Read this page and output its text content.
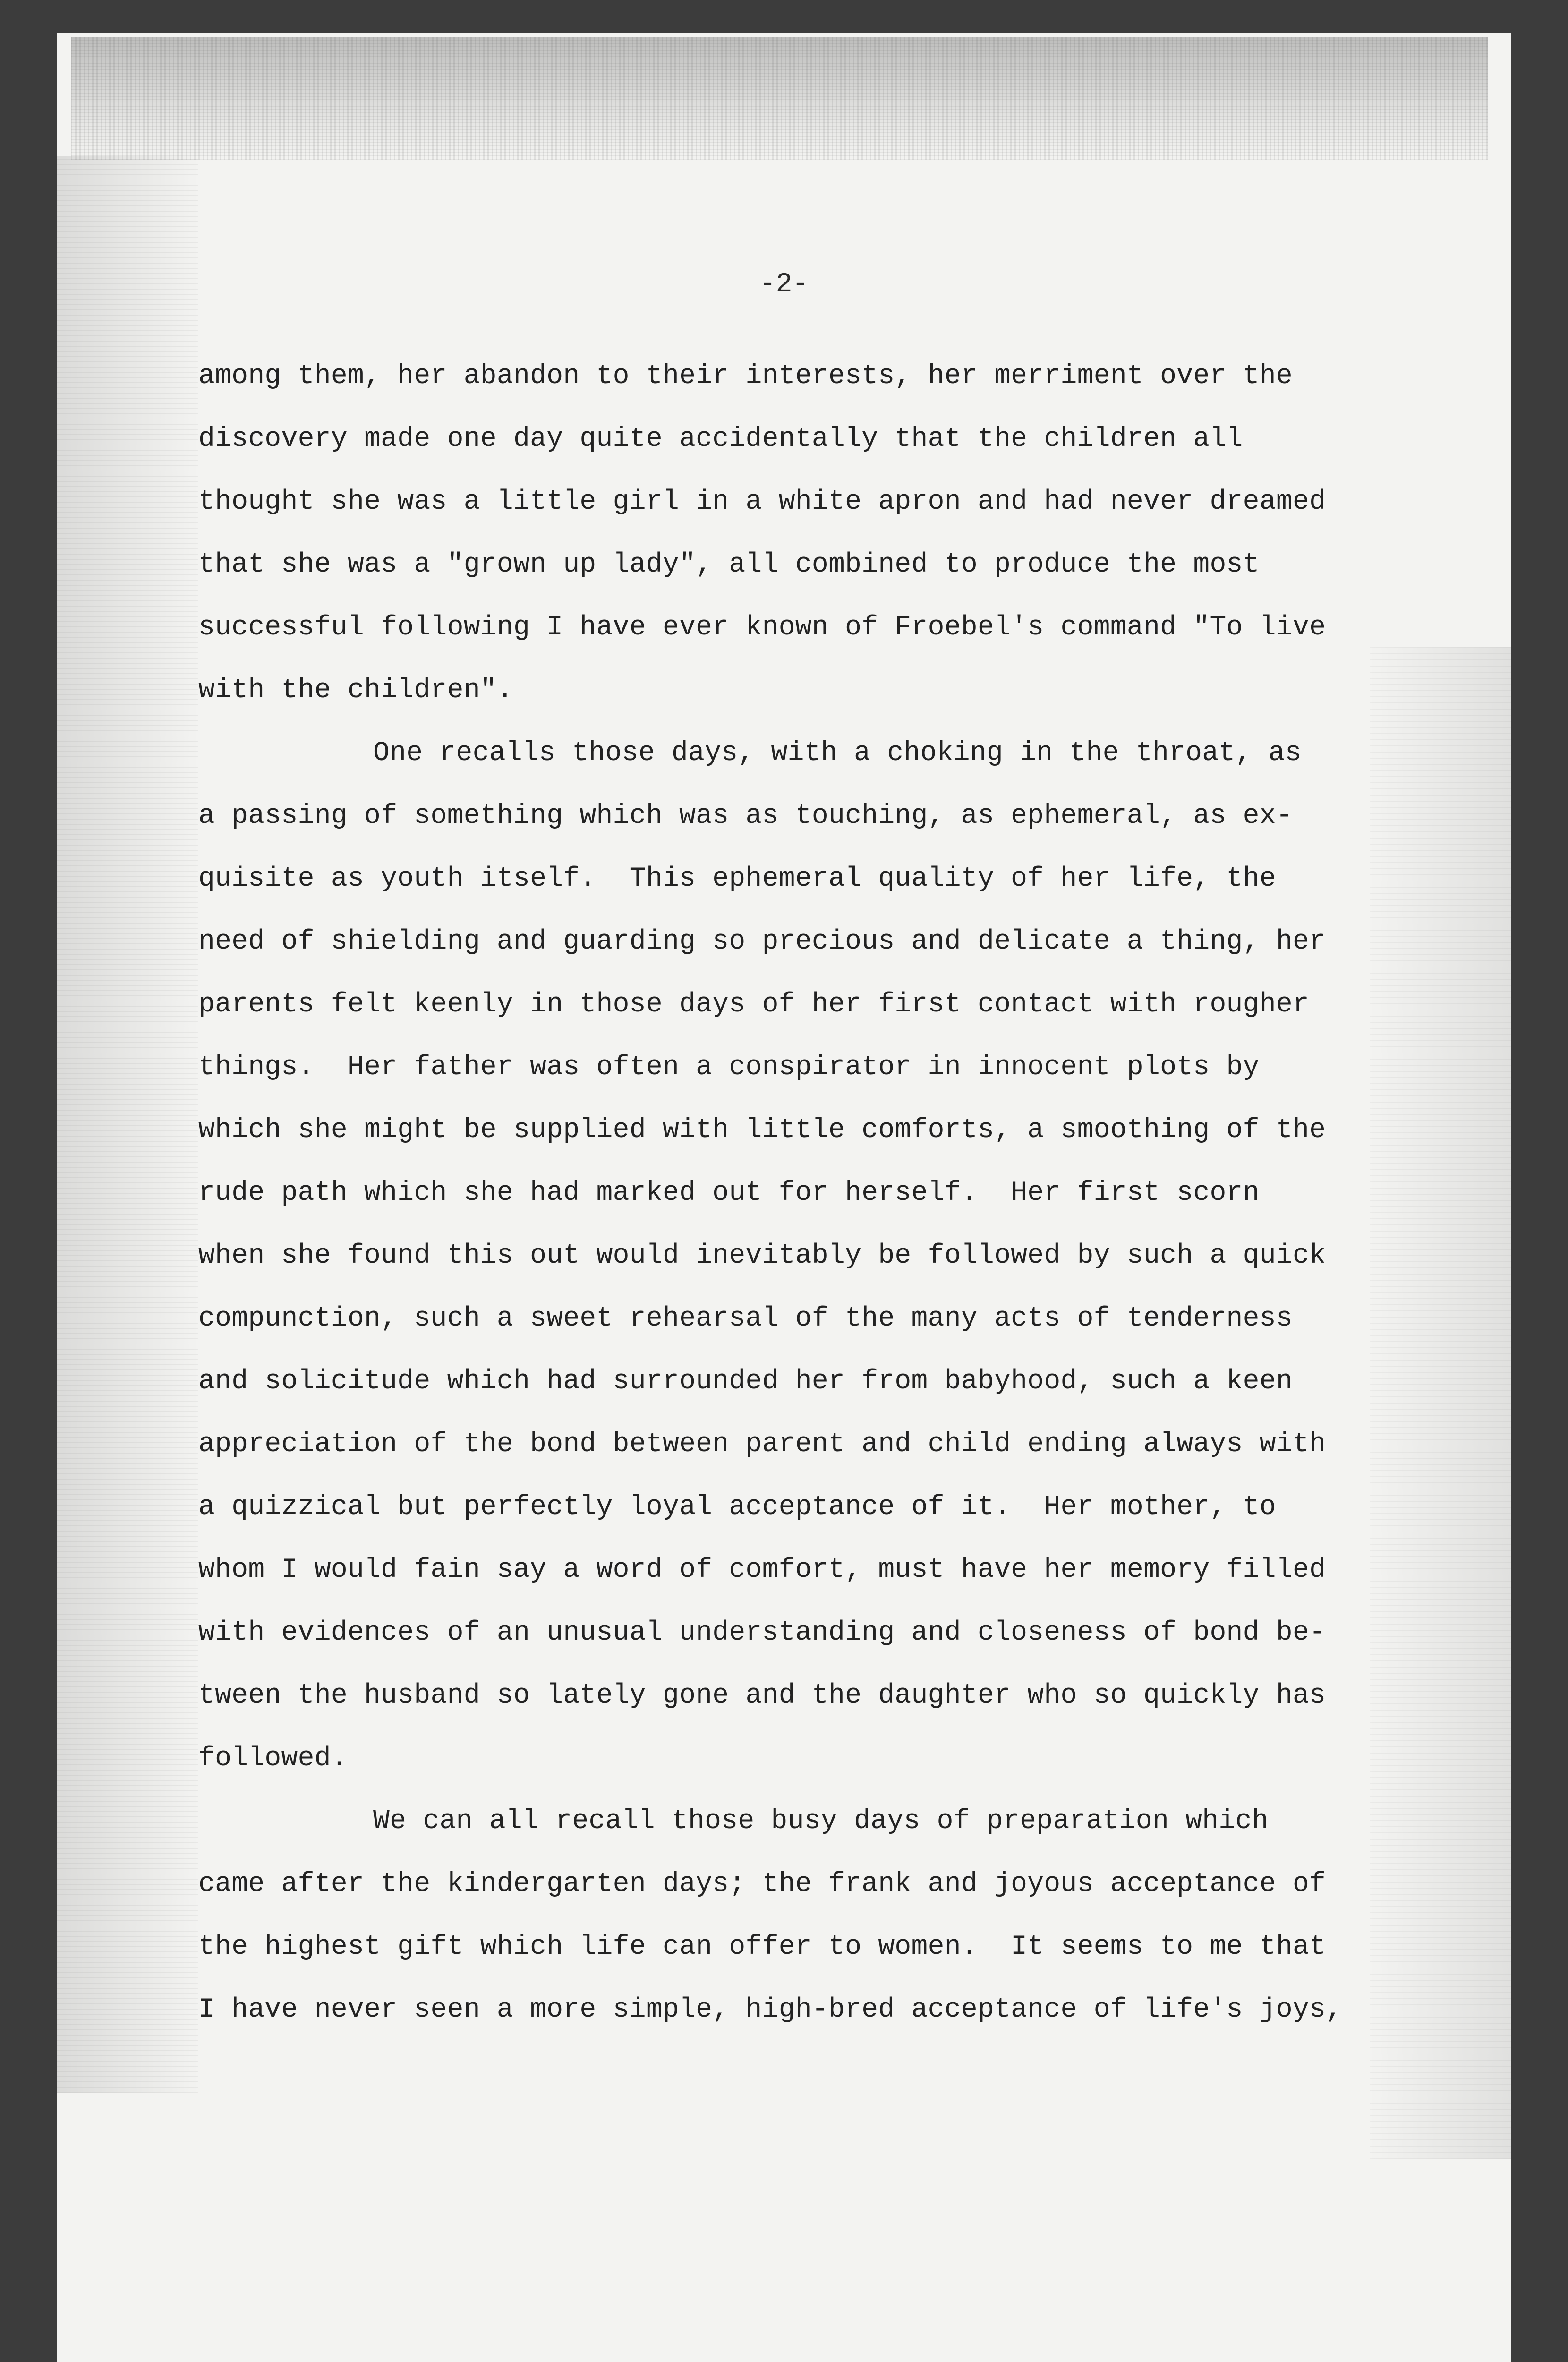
-2-
among them, her abandon to their interests, her merriment over the
discovery made one day quite accidentally that the children all
thought she was a little girl in a white apron and had never dreamed
that she was a "grown up lady", all combined to produce the most
successful following I have ever known of Froebel's command "To live
with the children".
One recalls those days, with a choking in the throat, as
a passing of something which was as touching, as ephemeral, as ex-
quisite as youth itself.  This ephemeral quality of her life, the
need of shielding and guarding so precious and delicate a thing, her
parents felt keenly in those days of her first contact with rougher
things.  Her father was often a conspirator in innocent plots by
which she might be supplied with little comforts, a smoothing of the
rude path which she had marked out for herself.  Her first scorn
when she found this out would inevitably be followed by such a quick
compunction, such a sweet rehearsal of the many acts of tenderness
and solicitude which had surrounded her from babyhood, such a keen
appreciation of the bond between parent and child ending always with
a quizzical but perfectly loyal acceptance of it.  Her mother, to
whom I would fain say a word of comfort, must have her memory filled
with evidences of an unusual understanding and closeness of bond be-
tween the husband so lately gone and the daughter who so quickly has
followed.
We can all recall those busy days of preparation which
came after the kindergarten days; the frank and joyous acceptance of
the highest gift which life can offer to women.  It seems to me that
I have never seen a more simple, high-bred acceptance of life's joys,
